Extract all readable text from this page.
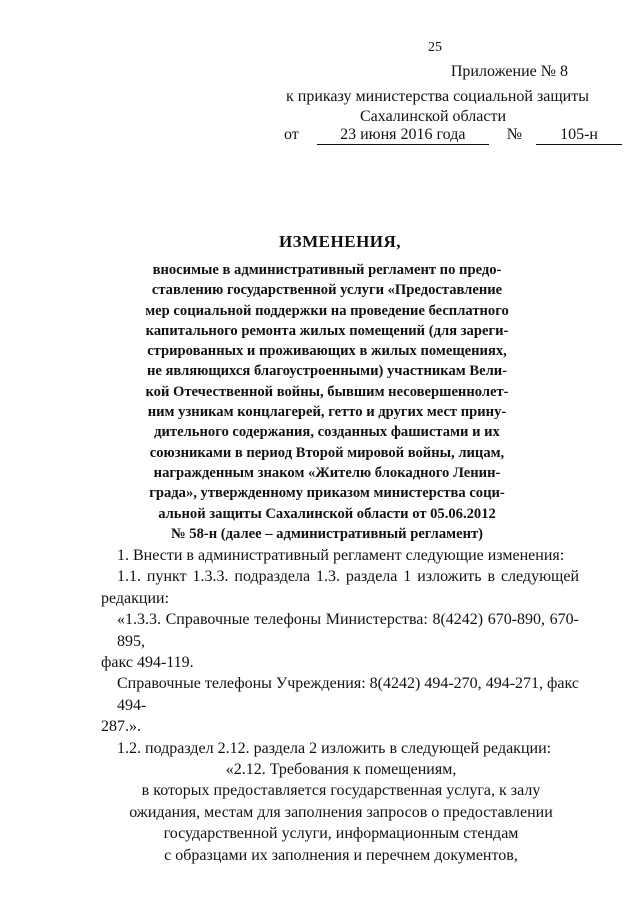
25
Приложение № 8
к приказу министерства социальной защиты
Сахалинской области
от	23 июня 2016 года	№ 105-н
ИЗМЕНЕНИЯ,
вносимые в административный регламент по предо-
ставлению государственной услуги «Предоставление
мер социальной поддержки на проведение бесплатного
капитального ремонта жилых помещений (для зареги-
стрированных и проживающих в жилых помещениях,
не являющихся благоустроенными) участникам Вели-
кой Отечественной войны, бывшим несовершеннолет-
ним узникам концлагерей, гетто и других мест прину-
дительного содержания, созданных фашистами и их
союзниками в период Второй мировой войны, лицам,
награжденным знаком «Жителю блокадного Ленин-
града», утвержденному приказом министерства соци-
альной защиты Сахалинской области от 05.06.2012
№ 58-н (далее – административный регламент)
1. Внести в административный регламент следующие изменения:
1.1. пункт 1.3.3. подраздела 1.3. раздела 1 изложить в следующей
редакции:
«1.3.3. Справочные телефоны Министерства: 8(4242) 670-890, 670-895,
факс 494-119.
Справочные телефоны Учреждения: 8(4242) 494-270, 494-271, факс 494-
287.».
1.2. подраздел 2.12. раздела 2 изложить в следующей редакции:
«2.12. Требования к помещениям,
в которых предоставляется государственная услуга, к залу
ожидания, местам для заполнения запросов о предоставлении
государственной услуги, информационным стендам
с образцами их заполнения и перечнем документов,
